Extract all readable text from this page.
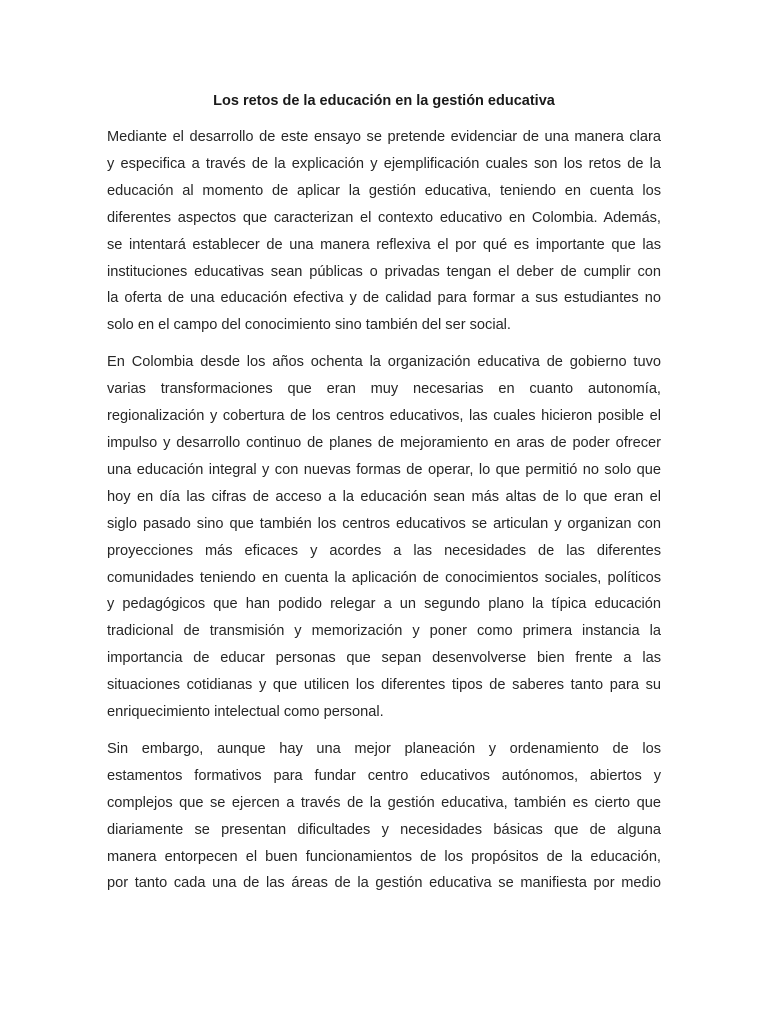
Los retos de la educación en la gestión educativa

Mediante el desarrollo de este ensayo se pretende evidenciar de una manera clara
y especifica a través de la explicación y ejemplificación cuales son los retos de la
educación al momento de aplicar la gestión educativa, teniendo en cuenta los
diferentes aspectos que caracterizan el contexto educativo en Colombia. Además,
se intentará establecer de una manera reflexiva el por qué es importante que las
instituciones educativas sean públicas o privadas tengan el deber de cumplir con
la oferta de una educación efectiva y de calidad para formar a sus estudiantes no
solo en el campo del conocimiento sino también del ser social.

En Colombia desde los años ochenta la organización educativa de gobierno tuvo
varias transformaciones que eran muy necesarias en cuanto autonomía,
regionalización y cobertura de los centros educativos, las cuales hicieron posible el
impulso y desarrollo continuo de planes de mejoramiento en aras de poder ofrecer
una educación integral y con nuevas formas de operar, lo que permitió no solo que
hoy en día las cifras de acceso a la educación sean más altas de lo que eran el
siglo pasado sino que también los centros educativos se articulan y organizan con
proyecciones más eficaces y acordes a las necesidades de las diferentes
comunidades teniendo en cuenta la aplicación de conocimientos sociales, políticos
y pedagógicos que han podido relegar a un segundo plano la típica educación
tradicional de transmisión y memorización y poner como primera instancia la
importancia de educar personas que sepan desenvolverse bien frente a las
situaciones cotidianas y que utilicen los diferentes tipos de saberes tanto para su
enriquecimiento intelectual como personal.

Sin embargo, aunque hay una mejor planeación y ordenamiento de los
estamentos formativos para fundar centro educativos autónomos, abiertos y
complejos que se ejercen a través de la gestión educativa, también es cierto que
diariamente se presentan dificultades y necesidades básicas que de alguna
manera entorpecen el buen funcionamientos de los propósitos de la educación,
por tanto cada una de las áreas de la gestión educativa se manifiesta por medio
